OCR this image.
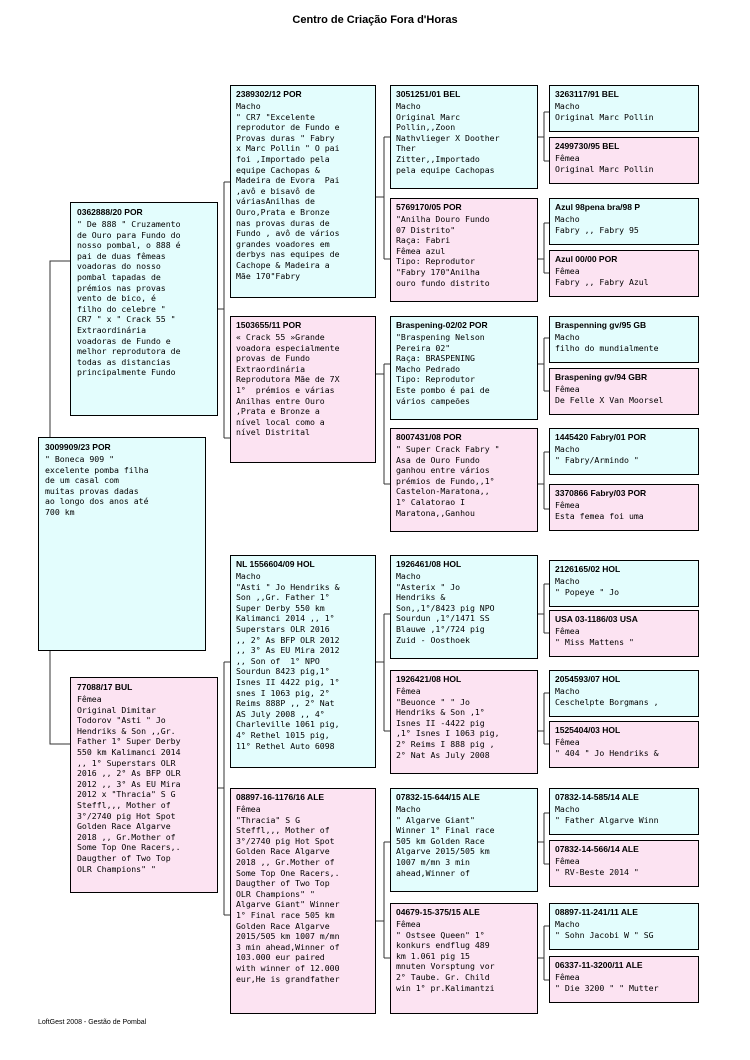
Centro de Criação Fora d'Horas
3009909/23 POR
" Boneca 909 "
excelente pomba filha
de um casal com
muitas provas dadas
ao longo dos anos até
700 km
0362888/20 POR
" De 888 " Cruzamento
de Ouro para Fundo do
nosso pombal, o 888 é
pai de duas fêmeas
voadoras do nosso
pombal tapadas de
prémios nas provas
vento de bico, é
filho do celebre "
CR7 " x " Crack 55 "
Extraordinária
voadoras de Fundo e
melhor reprodutora de
todas as distancias
principalmente Fundo
77088/17 BUL
Fêmea
Original Dimitar
Todorov "Asti " Jo
Hendriks & Son ,,Gr.
Father 1° Super Derby
550 km Kalimanci 2014
,, 1° Superstars OLR
2016 ,, 2° As BFP OLR
2012 ,, 3° As EU Mira
2012 x "Thracia" S G
Steffl,,, Mother of
3°/2740 pig Hot Spot
Golden Race Algarve
2018 ,, Gr.Mother of
Some Top One Racers,.
Daugther of Two Top
OLR Champions" "
2389302/12 POR
Macho
" CR7 "Excelente
reprodutor de Fundo e
Provas duras " Fabry
x Marc Pollin " O pai
foi ,Importado pela
equipe Cachopas &
Madeira de Evora  Pai
,avô e bisavô de
váriasAnilhas de
Ouro,Prata e Bronze
nas provas duras de
Fundo , avô de vários
grandes voadores em
derbys nas equipes de
Cachope & Madeira a
Mãe 170"Fabry
1503655/11 POR
« Crack 55 »Grande
voadora especialmente
provas de Fundo
Extraordinária
Reprodutora Mãe de 7X
1°  prémios e várias
Anilhas entre Ouro
,Prata e Bronze a
nível local como a
nível Distrital
NL 1556604/09 HOL
Macho
"Asti " Jo Hendriks &
Son ,,Gr. Father 1°
Super Derby 550 km
Kalimanci 2014 ,, 1°
Superstars OLR 2016
,, 2° As BFP OLR 2012
,, 3° As EU Mira 2012
,, Son of  1° NPO
Sourdun 8423 pig,1°
Isnes II 4422 pig, 1°
snes I 1063 pig, 2°
Reims 888P ,, 2° Nat
AS July 2008 ,, 4°
Charleville 1061 pig,
4° Rethel 1015 pig,
11° Rethel Auto 6098
08897-16-1176/16 ALE
Fêmea
"Thracia" S G
Steffl,,, Mother of
3°/2740 pig Hot Spot
Golden Race Algarve
2018 ,, Gr.Mother of
Some Top One Racers,.
Daugther of Two Top
OLR Champions" "
Algarve Giant" Winner
1° Final race 505 km
Golden Race Algarve
2015/505 km 1007 m/mn
3 min ahead,Winner of
103.000 eur paired
with winner of 12.000
eur,He is grandfather
3051251/01 BEL
Macho
Original Marc
Pollin,,Zoon
Nathvlieger X Doother
Ther
Zitter,,Importado
pela equipe Cachopas
5769170/05 POR
"Anilha Douro Fundo
07 Distrito"
Raça: Fabri
Fêmea azul
Tipo: Reprodutor
"Fabry 170"Anilha
ouro fundo distrito
Braspening-02/02 POR
"Braspening Nelson
Pereira 02"
Raça: BRASPENING
Macho Pedrado
Tipo: Reprodutor
Este pombo é pai de
vários campeões
8007431/08 POR
" Super Crack Fabry "
Asa de Ouro Fundo
ganhou entre vários
prémios de Fundo,,1°
Castelon-Maratona,,
1° Calatorao I
Maratona,,Ganhou
1926461/08 HOL
Macho
"Asterix " Jo
Hendriks &
Son,,1°/8423 pig NPO
Sourdun ,1°/1471 SS
Blauwe ,1°/724 pig
Zuid - Oosthoek
1926421/08 HOL
Fêmea
"Beuonce " " Jo
Hendriks & Son ,1°
Isnes II -4422 pig
,1° Isnes I 1063 pig,
2° Reims I 888 pig ,
2° Nat As July 2008
07832-15-644/15 ALE
Macho
" Algarve Giant"
Winner 1° Final race
505 km Golden Race
Algarve 2015/505 km
1007 m/mn 3 min
ahead,Winner of
04679-15-375/15 ALE
Fêmea
" Ostsee Queen" 1°
konkurs endflug 489
km 1.061 pig 15
mnuten Vorsptung vor
2° Taube. Gr. Child
win 1° pr.Kalimantzi
3263117/91 BEL
Macho
Original Marc Pollin
2499730/95 BEL
Fêmea
Original Marc Pollin
Azul 98pena bra/98 P
Macho
Fabry ,, Fabry 95
Azul 00/00 POR
Fêmea
Fabry ,, Fabry Azul
Braspenning gv/95 GB
Macho
filho do mundialmente
Braspening gv/94 GBR
Fêmea
De Felle X Van Moorsel
1445420 Fabry/01 POR
Macho
" Fabry/Armindo "
3370866 Fabry/03 POR
Fêmea
Esta femea foi uma
2126165/02 HOL
Macho
" Popeye " Jo
USA 03-1186/03 USA
Fêmea
" Miss Mattens "
2054593/07 HOL
Macho
Ceschelpte Borgmans ,
1525404/03 HOL
Fêmea
" 404 " Jo Hendriks &
07832-14-585/14 ALE
Macho
" Father Algarve Winn
07832-14-566/14 ALE
Fêmea
" RV-Beste 2014 "
08897-11-241/11 ALE
Macho
" Sohn Jacobi W " SG
06337-11-3200/11 ALE
Fêmea
" Die 3200 " " Mutter
LoftGest 2008 - Gestão de Pombal
